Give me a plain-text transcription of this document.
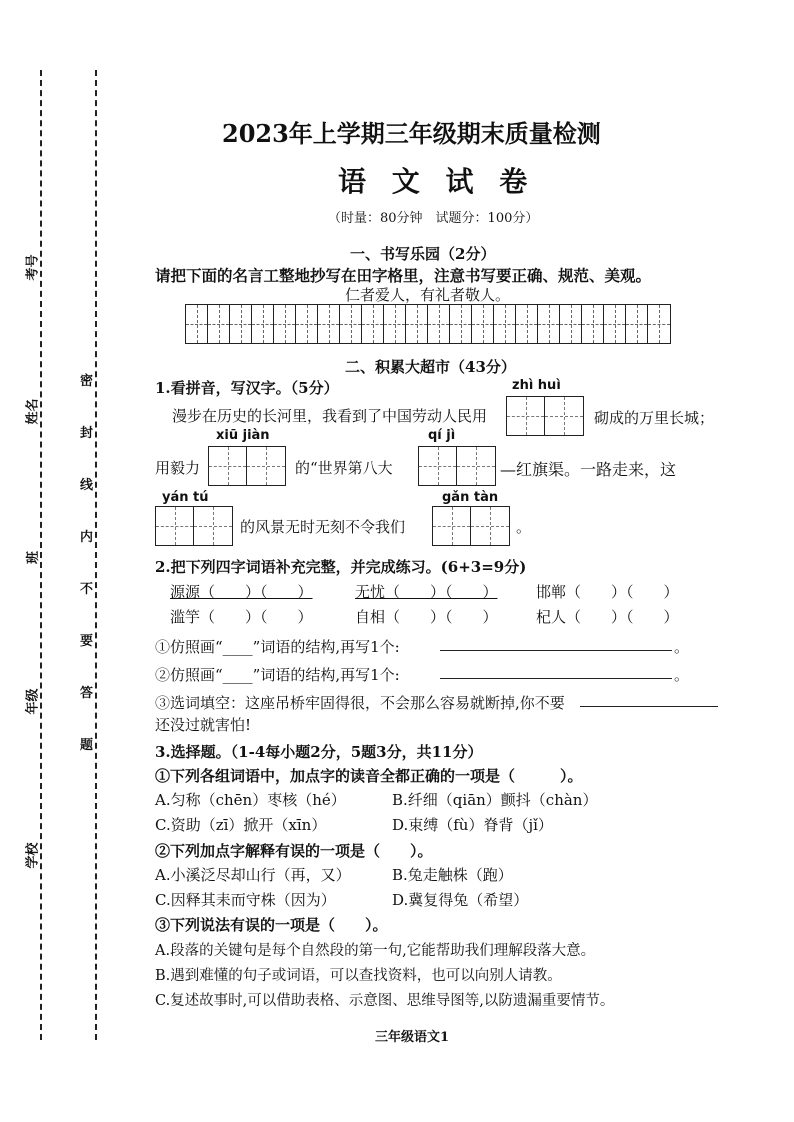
考号
姓名
班
年级
学校
密
封
线
内
不
要
答
题
2023年上学期三年级期末质量检测
语 文 试 卷
（时量：80分钟　试题分：100分）
一、书写乐园（2分）
请把下面的名言工整地抄写在田字格里，注意书写要正确、规范、美观。
仁者爱人，有礼者敬人。
二、积累大超市（43分）
1.看拼音，写汉字。（5分）	zhì huì
漫步在历史的长河里，我看到了中国劳动人民用	砌成的万里长城；
xiū jiàn	qí jì
用毅力	的“世界第八大	—红旗渠。一路走来，这
yán tú	gǎn tàn
的风景无时无刻不令我们	。
2.把下列四字词语补充完整，并完成练习。(6+3=9分)
源源（　　）（　　）	无忧（　　）（　　）	邯郸（　　）（　　）
滥竽（　　）（　　）	自相（　　）（　　）	杞人（　　）（　　）
①仿照画“____”词语的结构,再写1个:	。
②仿照画“____”词语的结构,再写1个:	。
③选词填空：这座吊桥牢固得很，不会那么容易就断掉,你不要
还没过就害怕!
3.选择题。（1-4每小题2分，5题3分，共11分）
①下列各组词语中，加点字的读音全都正确的一项是（　　　）。
A.匀称（chēn）枣核（hé）	B.纤细（qiān）颤抖（chàn）
C.资助（zī）掀开（xīn）	D.束缚（fù）脊背（jǐ）
②下列加点字解释有误的一项是（　　）。
A.小溪泛尽却山行（再，又）	B.兔走触株（跑）
C.因释其耒而守株（因为）	D.冀复得兔（希望）
③下列说法有误的一项是（　　）。
A.段落的关键句是每个自然段的第一句,它能帮助我们理解段落大意。
B.遇到难懂的句子或词语，可以查找资料，也可以向别人请教。
C.复述故事时,可以借助表格、示意图、思维导图等,以防遗漏重要情节。
三年级语文1
